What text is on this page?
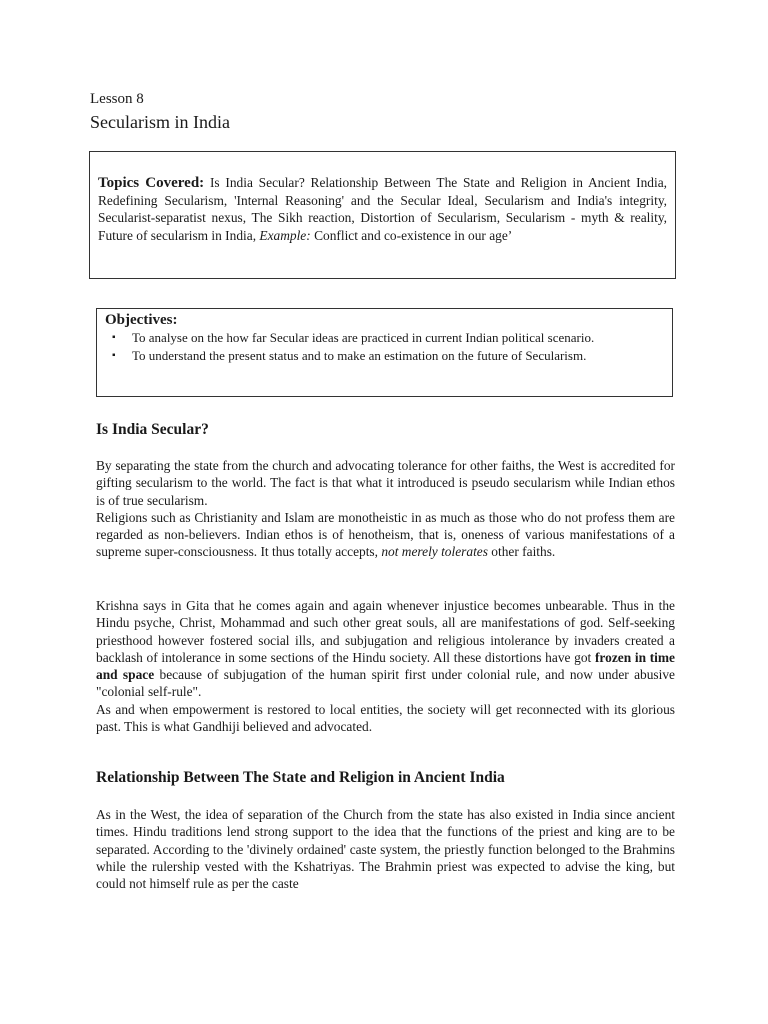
Lesson 8
Secularism in India
Topics Covered: Is India Secular? Relationship Between The State and Religion in Ancient India, Redefining Secularism, 'Internal Reasoning' and the Secular Ideal, Secularism and India's integrity, Secularist-separatist nexus, The Sikh reaction, Distortion of Secularism, Secularism - myth & reality, Future of secularism in India, Example: Conflict and co-existence in our age’
Objectives:
▪ To analyse on the how far Secular ideas are practiced in current Indian political scenario.
▪ To understand the present status and to make an estimation on the future of Secularism.
Is India Secular?

By separating the state from the church and advocating tolerance for other faiths, the West is accredited for gifting secularism to the world. The fact is that what it introduced is pseudo secularism while Indian ethos is of true secularism.

Religions such as Christianity and Islam are monotheistic in as much as those who do not profess them are regarded as non-believers. Indian ethos is of henotheism, that is, oneness of various manifestations of a supreme super-consciousness. It thus totally accepts, not merely tolerates other faiths.

Krishna says in Gita that he comes again and again whenever injustice becomes unbearable. Thus in the Hindu psyche, Christ, Mohammad and such other great souls, all are manifestations of god. Self-seeking priesthood however fostered social ills, and subjugation and religious intolerance by invaders created a backlash of intolerance in some sections of the Hindu society. All these distortions have got frozen in time and space because of subjugation of the human spirit first under colonial rule, and now under abusive "colonial self-rule".

As and when empowerment is restored to local entities, the society will get reconnected with its glorious past. This is what Gandhiji believed and advocated.

Relationship Between The State and Religion in Ancient India

As in the West, the idea of separation of the Church from the state has also existed in India since ancient times. Hindu traditions lend strong support to the idea that the functions of the priest and king are to be separated. According to the 'divinely ordained' caste system, the priestly function belonged to the Brahmins while the rulership vested with the Kshatriyas. The Brahmin priest was expected to advise the king, but could not himself rule as per the caste
